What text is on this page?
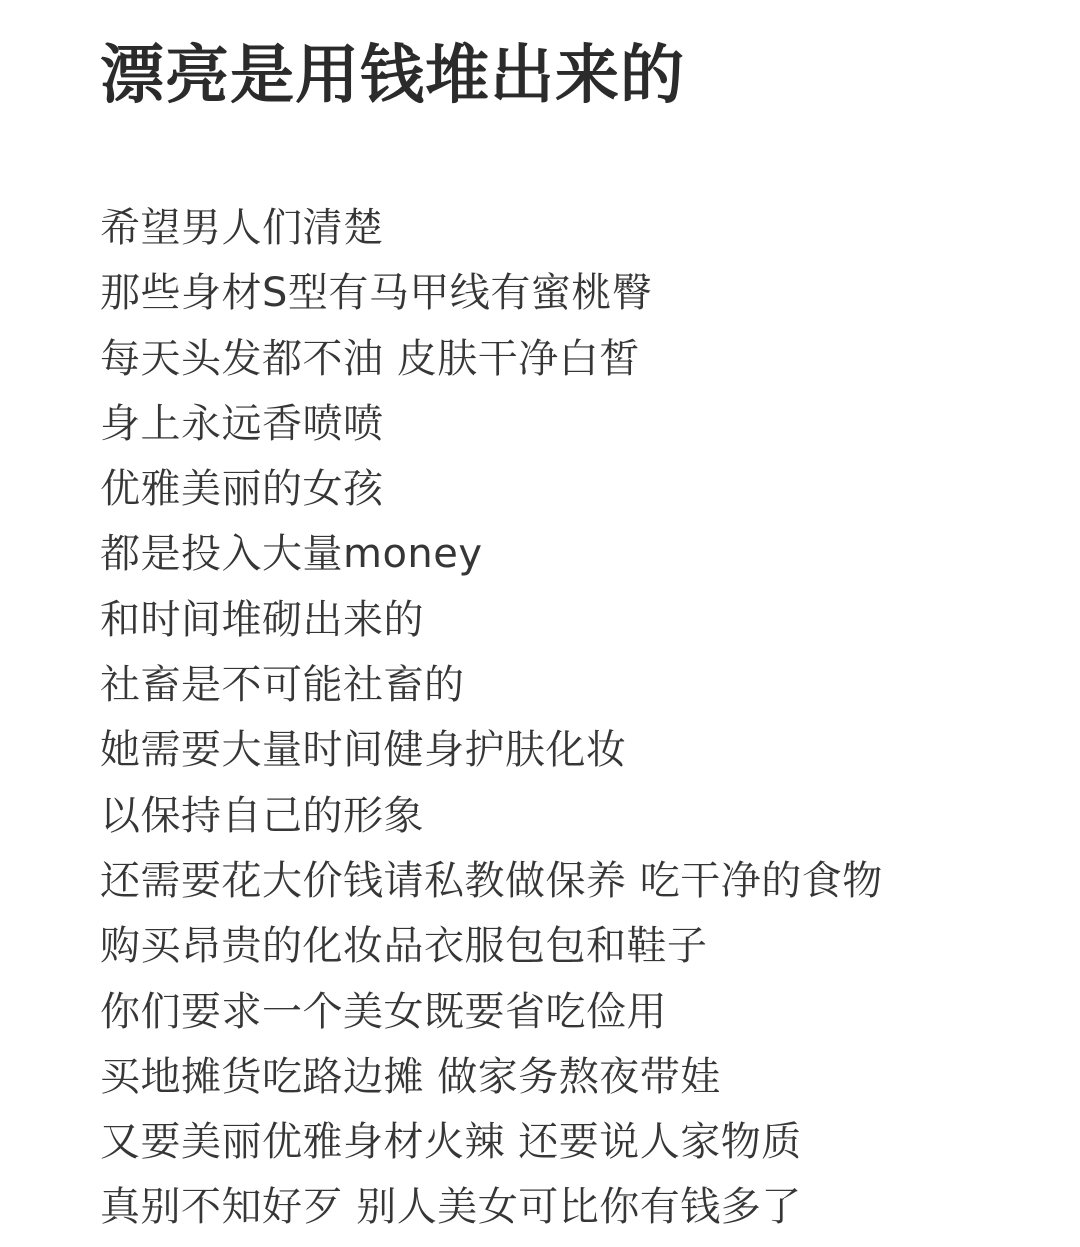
漂亮是用钱堆出来的
希望男人们清楚
那些身材S型有马甲线有蜜桃臀
每天头发都不油 皮肤干净白皙
身上永远香喷喷
优雅美丽的女孩
都是投入大量money
和时间堆砌出来的
社畜是不可能社畜的
她需要大量时间健身护肤化妆
以保持自己的形象
还需要花大价钱请私教做保养 吃干净的食物
购买昂贵的化妆品衣服包包和鞋子
你们要求一个美女既要省吃俭用
买地摊货吃路边摊 做家务熬夜带娃
又要美丽优雅身材火辣 还要说人家物质
真别不知好歹 别人美女可比你有钱多了
